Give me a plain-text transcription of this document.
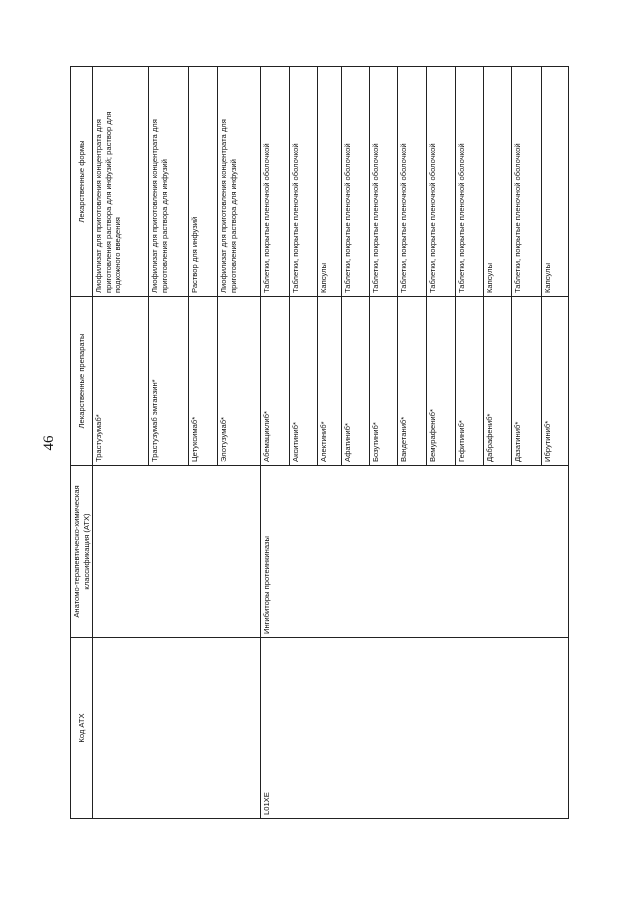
46
Код АТХ	Анатомо-терапевтическо-химическая классификация (АТХ)	Лекарственные препараты	Лекарственные формы
		Трастузумаб*	Лиофилизат для приготовления концентрата для приготовления раствора для инфузий; раствор для подкожного введения
		Трастузумаб эмтанзин*	Лиофилизат для приготовления концентрата для приготовления раствора для инфузий
		Цетуксимаб*	Раствор для инфузий
		Элотузумаб*	Лиофилизат для приготовления концентрата для приготовления раствора для инфузий
L01XE	Ингибиторы протеинкиназы	Абемациклиб*	Таблетки, покрытые пленочной оболочкой
		Акситиниб*	Таблетки, покрытые пленочной оболочкой
		Алектиниб*	Капсулы
		Афатиниб*	Таблетки, покрытые пленочной оболочкой
		Бозутиниб*	Таблетки, покрытые пленочной оболочкой
		Вандетаниб*	Таблетки, покрытые пленочной оболочкой
		Вемурафениб*	Таблетки, покрытые пленочной оболочкой
		Гефитиниб*	Таблетки, покрытые пленочной оболочкой
		Дабрафениб*	Капсулы
		Дазатиниб*	Таблетки, покрытые пленочной оболочкой
		Ибрутиниб*	Капсулы
